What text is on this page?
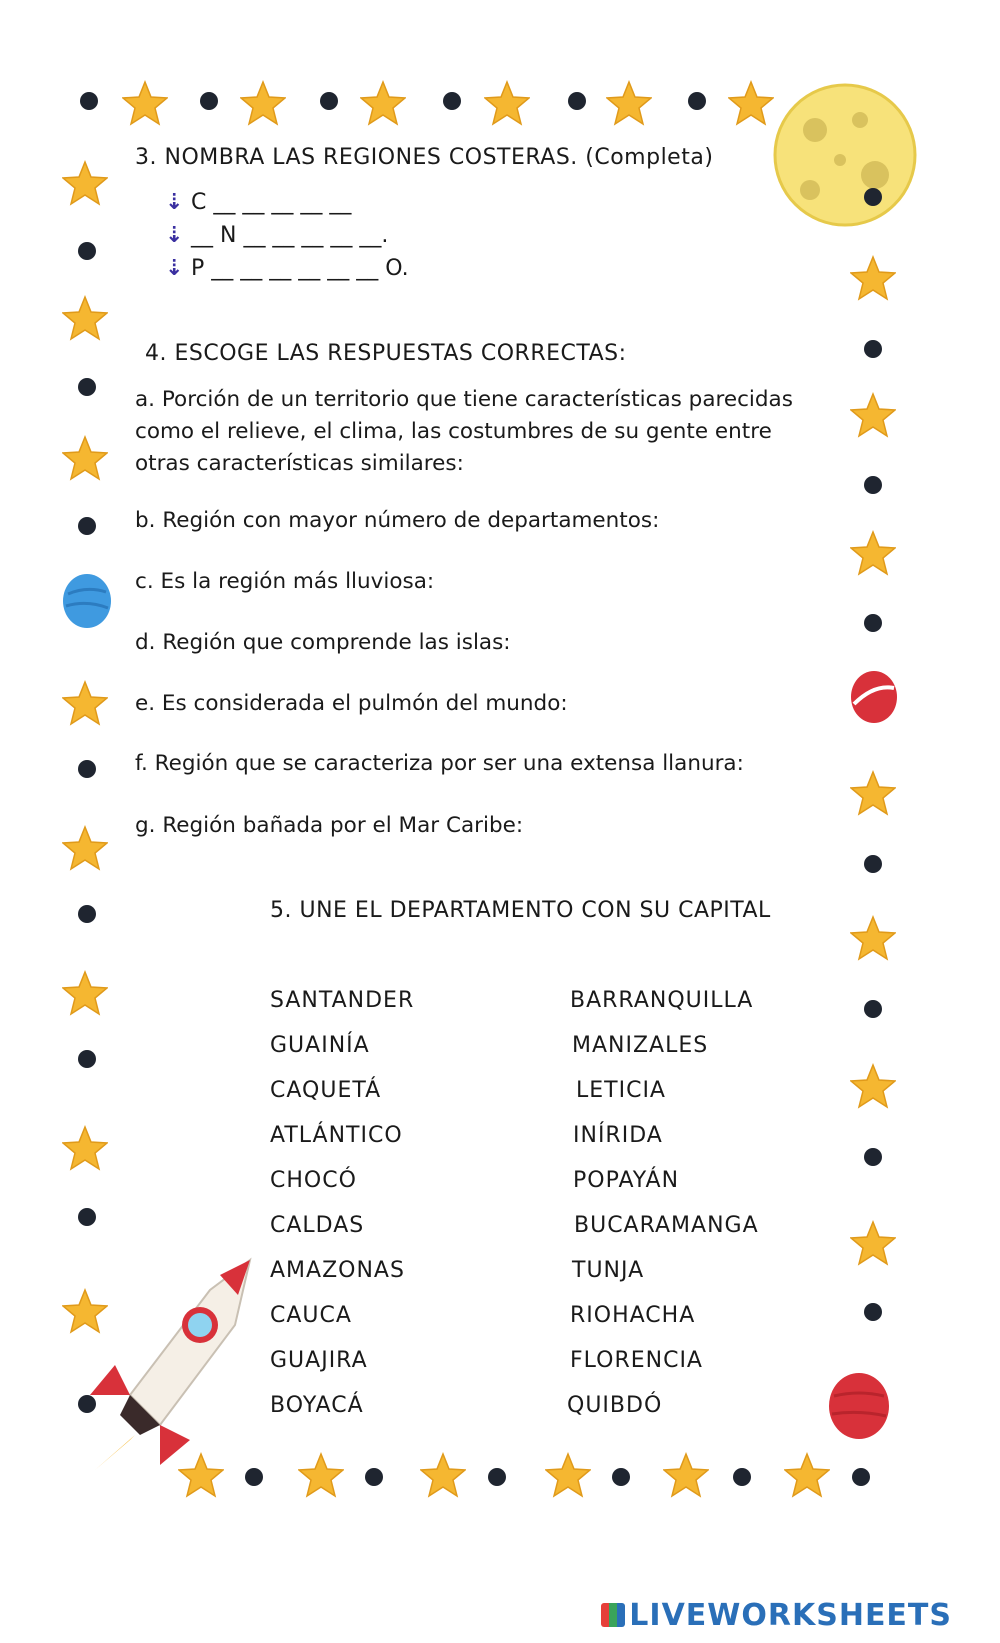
3. NOMBRA LAS REGIONES COSTERAS. (Completa)
⇣ C __ __ __ __ __
⇣ __ N __ __ __ __ __.
⇣ P __ __ __ __ __ __ O.
4. ESCOGE LAS RESPUESTAS CORRECTAS:
a. Porción de un territorio que tiene características parecidas como el relieve, el clima, las costumbres de su gente entre otras características similares:
b. Región con mayor número de departamentos:
c. Es la región más lluviosa:
d. Región que comprende las islas:
e. Es considerada el pulmón del mundo:
f. Región que se caracteriza por ser una extensa llanura:
g. Región bañada por el Mar Caribe:
5. UNE EL DEPARTAMENTO CON SU CAPITAL
LIVEWORKSHEETS
SANTANDER
GUAINÍA
CAQUETÁ
ATLÁNTICO
CHOCÓ
CALDAS
AMAZONAS
CAUCA
GUAJIRA
BOYACÁ
BARRANQUILLA
MANIZALES
LETICIA
INÍRIDA
POPAYÁN
BUCARAMANGA
TUNJA
RIOHACHA
FLORENCIA
QUIBDÓ
